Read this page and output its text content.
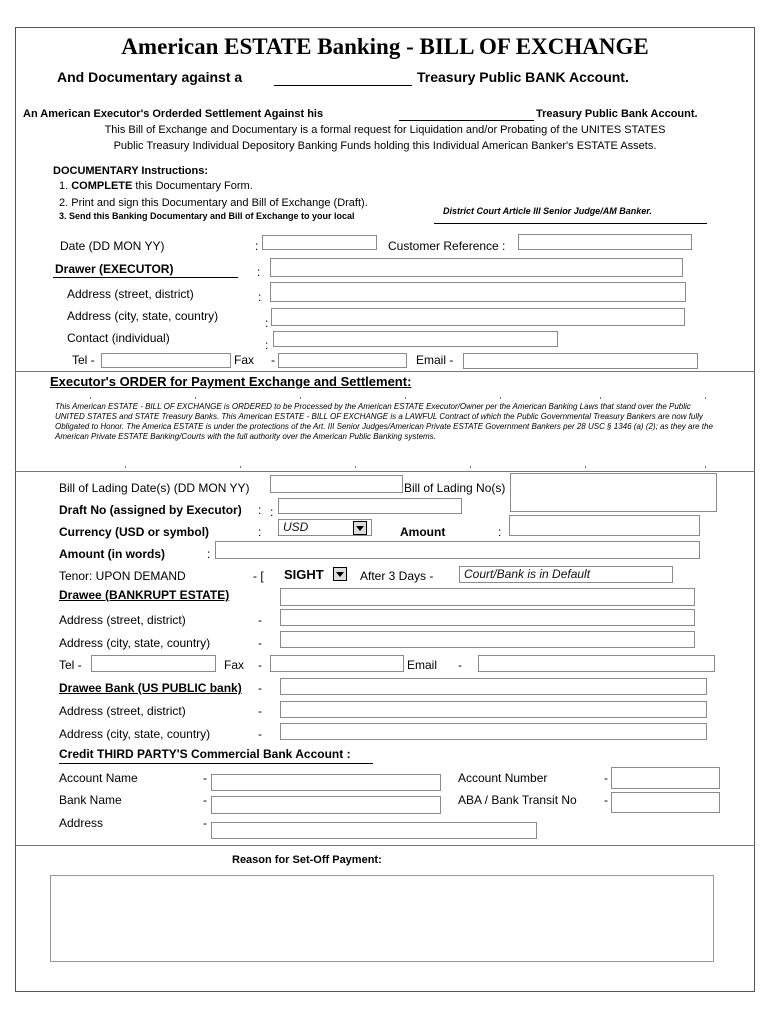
American ESTATE Banking - BILL OF EXCHANGE
And Documentary against a	Treasury Public BANK Account.
An American Executor's Orderded Settlement Against his	Treasury Public Bank Account.
This Bill of Exchange and Documentary is a formal request for Liquidation and/or Probating of the UNITES STATES
Public Treasury Individual Depository Banking Funds holding this Individual American Banker's ESTATE Assets.
DOCUMENTARY Instructions:
1. COMPLETE this Documentary Form.
2. Print and sign this Documentary and Bill of Exchange (Draft).
3. Send this Banking Documentary and Bill of Exchange to your local	District Court Article III Senior Judge/AM Banker.
Date (DD MON YY)	:	Customer Reference :
Drawer (EXECUTOR)	:
Address (street, district)	:
Address (city, state, country)	:
Contact (individual)	:
Tel -	Fax -	Email -
Executor's ORDER for Payment Exchange and Settlement:
This American ESTATE - BILL OF EXCHANGE is ORDERED to be Processed by the American ESTATE Executor/Owner per the American Banking Laws that stand over the Public UNITED STATES and STATE Treasury Banks. This American ESTATE - BILL OF EXCHANGE is a LAWFUL Contract of which the Public Governmental Treasury Bankers are now fully Obligated to Honor. The America ESTATE is under the protections of the Art. III Senior Judges/American Private ESTATE Government Bankers per 28 USC § 1346 (a) (2); as they are the American Private ESTATE Banking/Courts with the full authority over the American Public Banking systems.
Bill of Lading Date(s) (DD MON YY)	Bill of Lading No(s)
Draft No (assigned by Executor) : :
Currency (USD or symbol)	:	USD	Amount	:
Amount (in words)	:
Tenor: UPON DEMAND	- [ SIGHT	After 3 Days -	Court/Bank is in Default
Drawee (BANKRUPT ESTATE)
Address (street, district)	-
Address (city, state, country)	-
Tel -	Fax -	Email -
Drawee Bank (US PUBLIC bank) -
Address (street, district)	-
Address (city, state, country)	-
Credit THIRD PARTY'S Commercial Bank Account :
Account Name	-	Account Number	-
Bank Name	-	ABA / Bank Transit No -
Address	-
Reason for Set-Off Payment:
